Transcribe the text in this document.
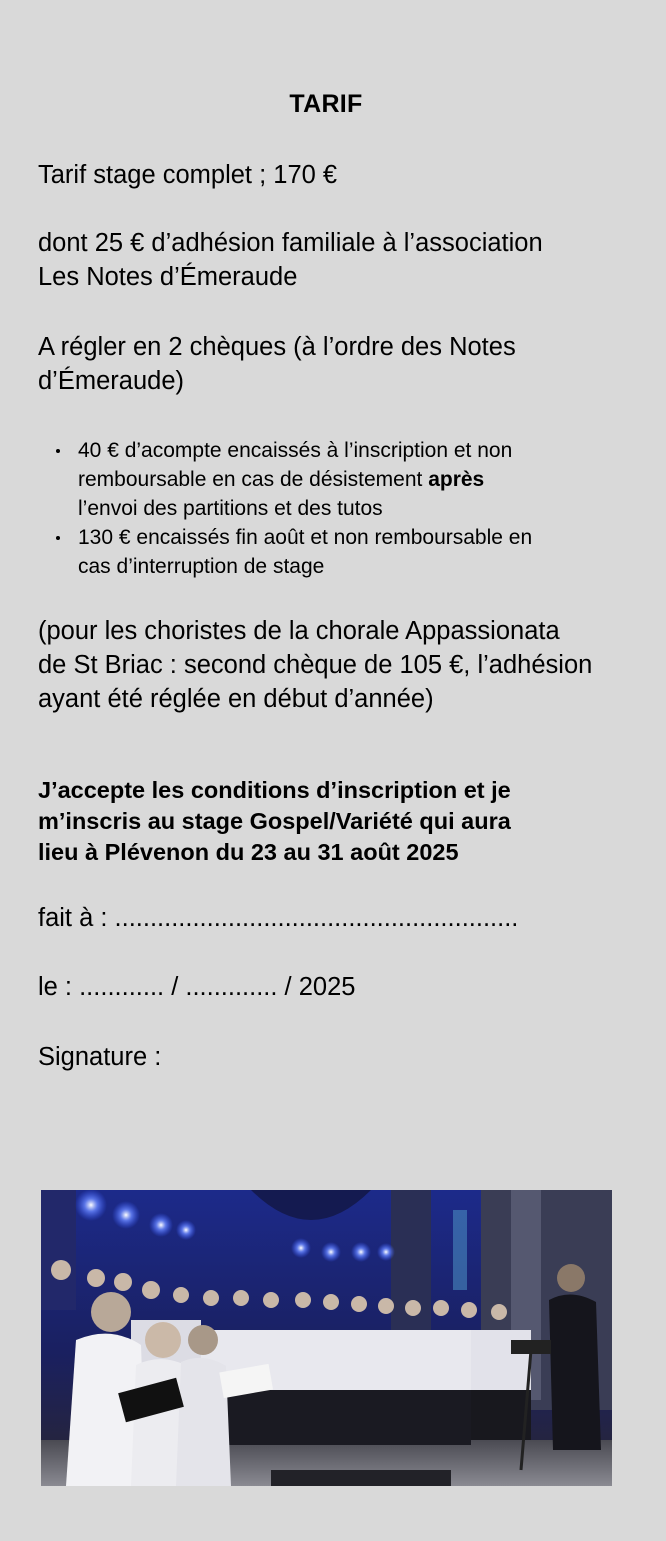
TARIF
Tarif stage complet ; 170 €
dont 25 € d’adhésion familiale à l’association
Les Notes d’Émeraude
A régler en 2 chèques (à l’ordre des Notes
d’Émeraude)
40 € d’acompte encaissés à l’inscription et non
remboursable en cas de désistement après
l’envoi des partitions et des tutos
130 € encaissés fin août et non remboursable en
cas d’interruption de stage
(pour les choristes de la chorale Appassionata
de St Briac : second chèque de 105 €, l’adhésion
ayant été réglée en début d’année)
J’accepte les conditions d’inscription et je
m’inscris au stage Gospel/Variété qui aura
lieu à Plévenon du 23 au 31 août 2025
fait à : .........................................................
le : ............ / ............. / 2025
Signature :
